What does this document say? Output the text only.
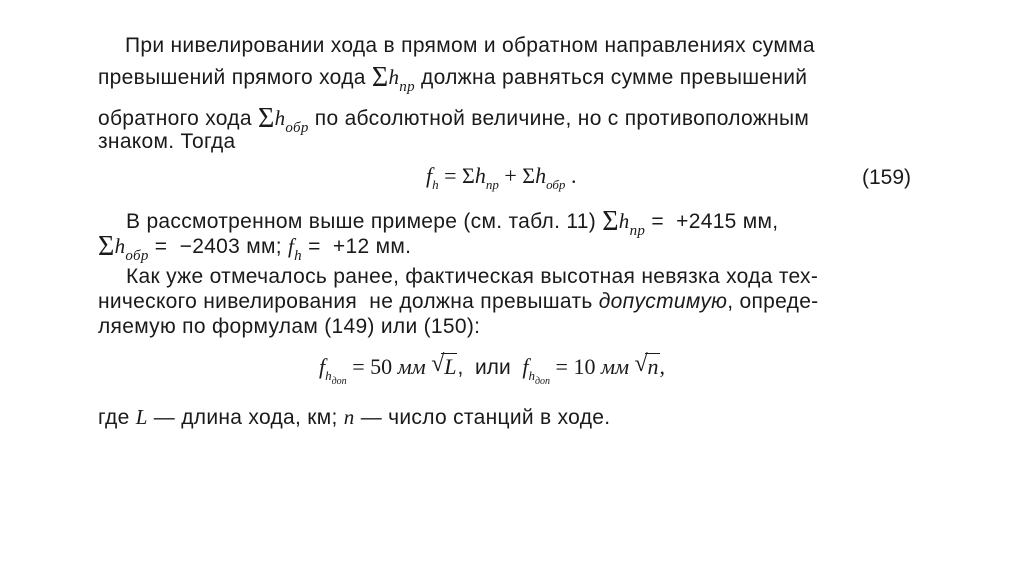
При нивелировании хода в прямом и обратном направлениях сумма
превышений прямого хода $\Sigma h_{пр}$ должна равняться сумме превышений
обратного хода $\Sigma h_{обр}$ по абсолютной величине, но с противоположным
знаком. Тогда
$f_h = \Sigma h_{пр} + \Sigma h_{обр}$ .	(159)
В рассмотренном выше примере (см. табл. 11) $\Sigma h_{пр} = +2415$ мм,
$\Sigma h_{обр} = -2403$ мм; $f_h = +12$ мм.
Как уже отмечалось ранее, фактическая высотная невязка хода тех-
нического нивелирования  не должна превышать допустимую, опреде-
ляемую по формулам (149) или (150):
$f_{hдоп} = 50$ мм √ L,  или  $f_{hдоп} = 10$ мм √ n,
где L — длина хода, км; n — число станций в ходе.
